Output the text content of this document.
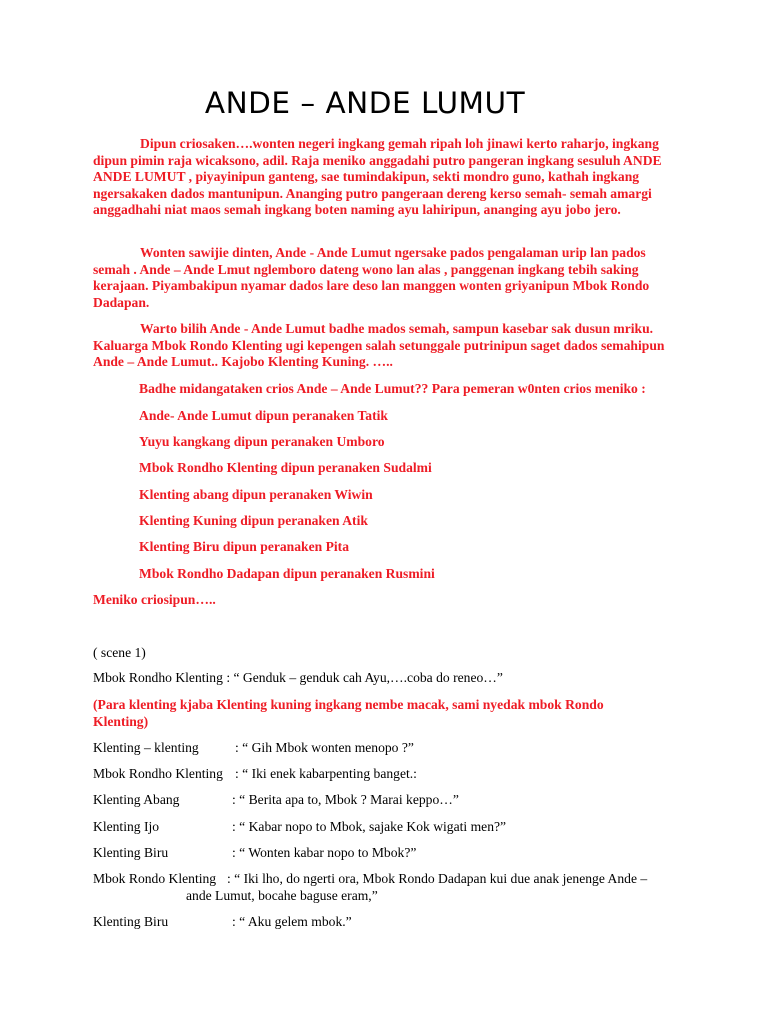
ANDE – ANDE LUMUT

Dipun criosaken….wonten negeri ingkang gemah ripah loh jinawi kerto raharjo, ingkang dipun pimin raja wicaksono, adil. Raja meniko anggadahi putro pangeran ingkang sesuluh ANDE ANDE LUMUT , piyayinipun ganteng, sae tumindakipun, sekti mondro guno, kathah ingkang ngersakaken dados mantunipun. Ananging putro pangeraan dereng kerso semah- semah amargi anggadhahi niat maos semah ingkang boten naming ayu lahiripun, ananging ayu jobo jero.

Wonten sawijie dinten, Ande - Ande Lumut ngersake pados pengalaman urip lan pados semah . Ande – Ande Lmut nglemboro dateng wono lan alas , panggenan ingkang tebih saking kerajaan. Piyambakipun nyamar dados lare deso lan manggen wonten griyanipun Mbok Rondo Dadapan.

Warto bilih Ande - Ande Lumut badhe mados semah, sampun kasebar sak dusun mriku. Kaluarga Mbok Rondo Klenting ugi kepengen salah setunggale putrinipun saget dados semahipun Ande – Ande Lumut.. Kajobo Klenting Kuning. …..

Badhe midangataken crios Ande – Ande Lumut?? Para pemeran w0nten crios meniko :
Ande- Ande Lumut dipun peranaken Tatik
Yuyu kangkang dipun peranaken Umboro
Mbok Rondho Klenting dipun peranaken Sudalmi
Klenting abang dipun peranaken Wiwin
Klenting Kuning dipun peranaken Atik
Klenting Biru dipun peranaken Pita
Mbok Rondho Dadapan dipun peranaken Rusmini
Meniko criosipun…..
( scene 1)
Mbok Rondho Klenting : “ Genduk – genduk cah Ayu,….coba do reneo…”
(Para klenting kjaba Klenting kuning ingkang nembe macak, sami nyedak mbok Rondo Klenting)
Klenting – klenting	: “ Gih Mbok wonten menopo ?”
Mbok Rondho Klenting : “ Iki enek kabarpenting banget.:
Klenting Abang	: “ Berita apa to, Mbok ? Marai keppo…”
Klenting Ijo	: “ Kabar nopo to Mbok, sajake Kok wigati men?”
Klenting Biru	: “ Wonten kabar nopo to Mbok?”
Mbok Rondo Klenting : “ Iki lho, do ngerti ora, Mbok Rondo Dadapan kui due anak jenenge Ande –
ande Lumut, bocahe baguse eram,”
Klenting Biru	: “ Aku gelem mbok.”
